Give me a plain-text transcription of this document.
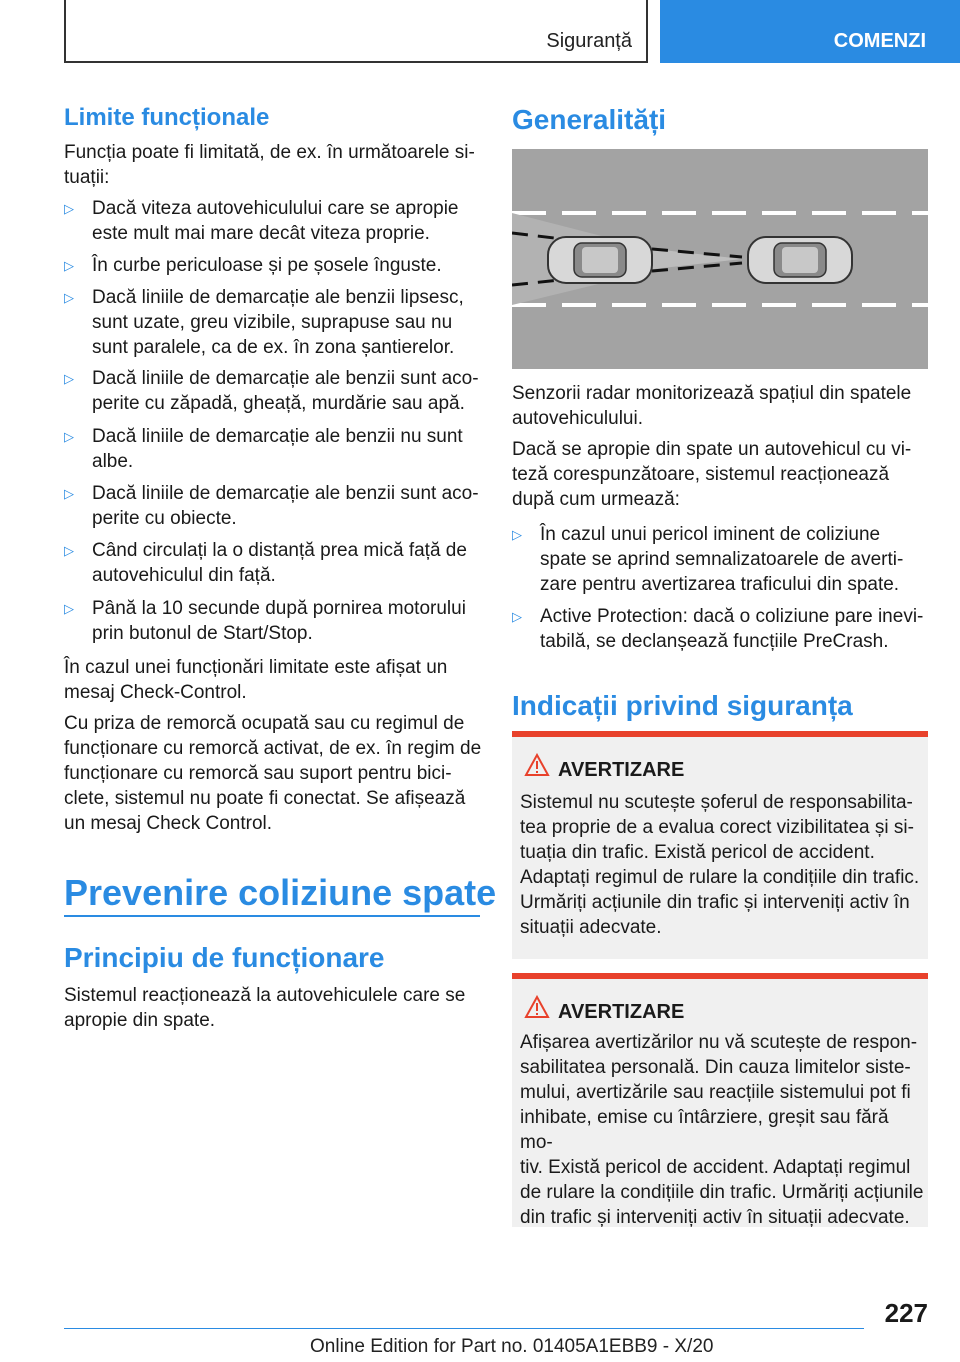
Siguranță	COMENZI
Limite funcționale

Funcția poate fi limitată, de ex. în următoarele si-
tuații:

▷ Dacă viteza autovehiculului care se apropie
este mult mai mare decât viteza proprie.
▷ În curbe periculoase și pe șosele înguste.
▷ Dacă liniile de demarcație ale benzii lipsesc,
sunt uzate, greu vizibile, suprapuse sau nu
sunt paralele, ca de ex. în zona șantierelor.
▷ Dacă liniile de demarcație ale benzii sunt aco-
perite cu zăpadă, gheață, murdărie sau apă.
▷ Dacă liniile de demarcație ale benzii nu sunt
albe.
▷ Dacă liniile de demarcație ale benzii sunt aco-
perite cu obiecte.
▷ Când circulați la o distanță prea mică față de
autovehiculul din față.
▷ Până la 10 secunde după pornirea motorului
prin butonul de Start/Stop.

În cazul unei funcționări limitate este afișat un
mesaj Check-Control.

Cu priza de remorcă ocupată sau cu regimul de
funcționare cu remorcă activat, de ex. în regim de
funcționare cu remorcă sau suport pentru bici-
clete, sistemul nu poate fi conectat. Se afișează
un mesaj Check Control.

Prevenire coliziune spate
Principiu de funcționare

Sistemul reacționează la autovehiculele care se
apropie din spate.

Generalități

Senzorii radar monitorizează spațiul din spatele
autovehiculului.

Dacă se apropie din spate un autovehicul cu vi-
teză corespunzătoare, sistemul reacționează
după cum urmează:

▷ În cazul unui pericol iminent de coliziune
spate se aprind semnalizatoarele de averti-
zare pentru avertizarea traficului din spate.
▷ Active Protection: dacă o coliziune pare inevi-
tabilă, se declanșează funcțiile PreCrash.
Indicații privind siguranța
AVERTIZARE
Sistemul nu scutește șoferul de responsabilita-
tea proprie de a evalua corect vizibilitatea și si-
tuația din trafic. Există pericol de accident.
Adaptați regimul de rulare la condițiile din trafic.
Urmăriți acțiunile din trafic și interveniți activ în
situații adecvate.
AVERTIZARE
Afișarea avertizărilor nu vă scutește de respon-
sabilitatea personală. Din cauza limitelor siste-
mului, avertizările sau reacțiile sistemului pot fi
inhibate, emise cu întârziere, greșit sau fără mo-
tiv. Există pericol de accident. Adaptați regimul
de rulare la condițiile din trafic. Urmăriți acțiunile
din trafic și interveniți activ în situații adecvate.
227
Online Edition for Part no. 01405A1EBB9 - X/20
